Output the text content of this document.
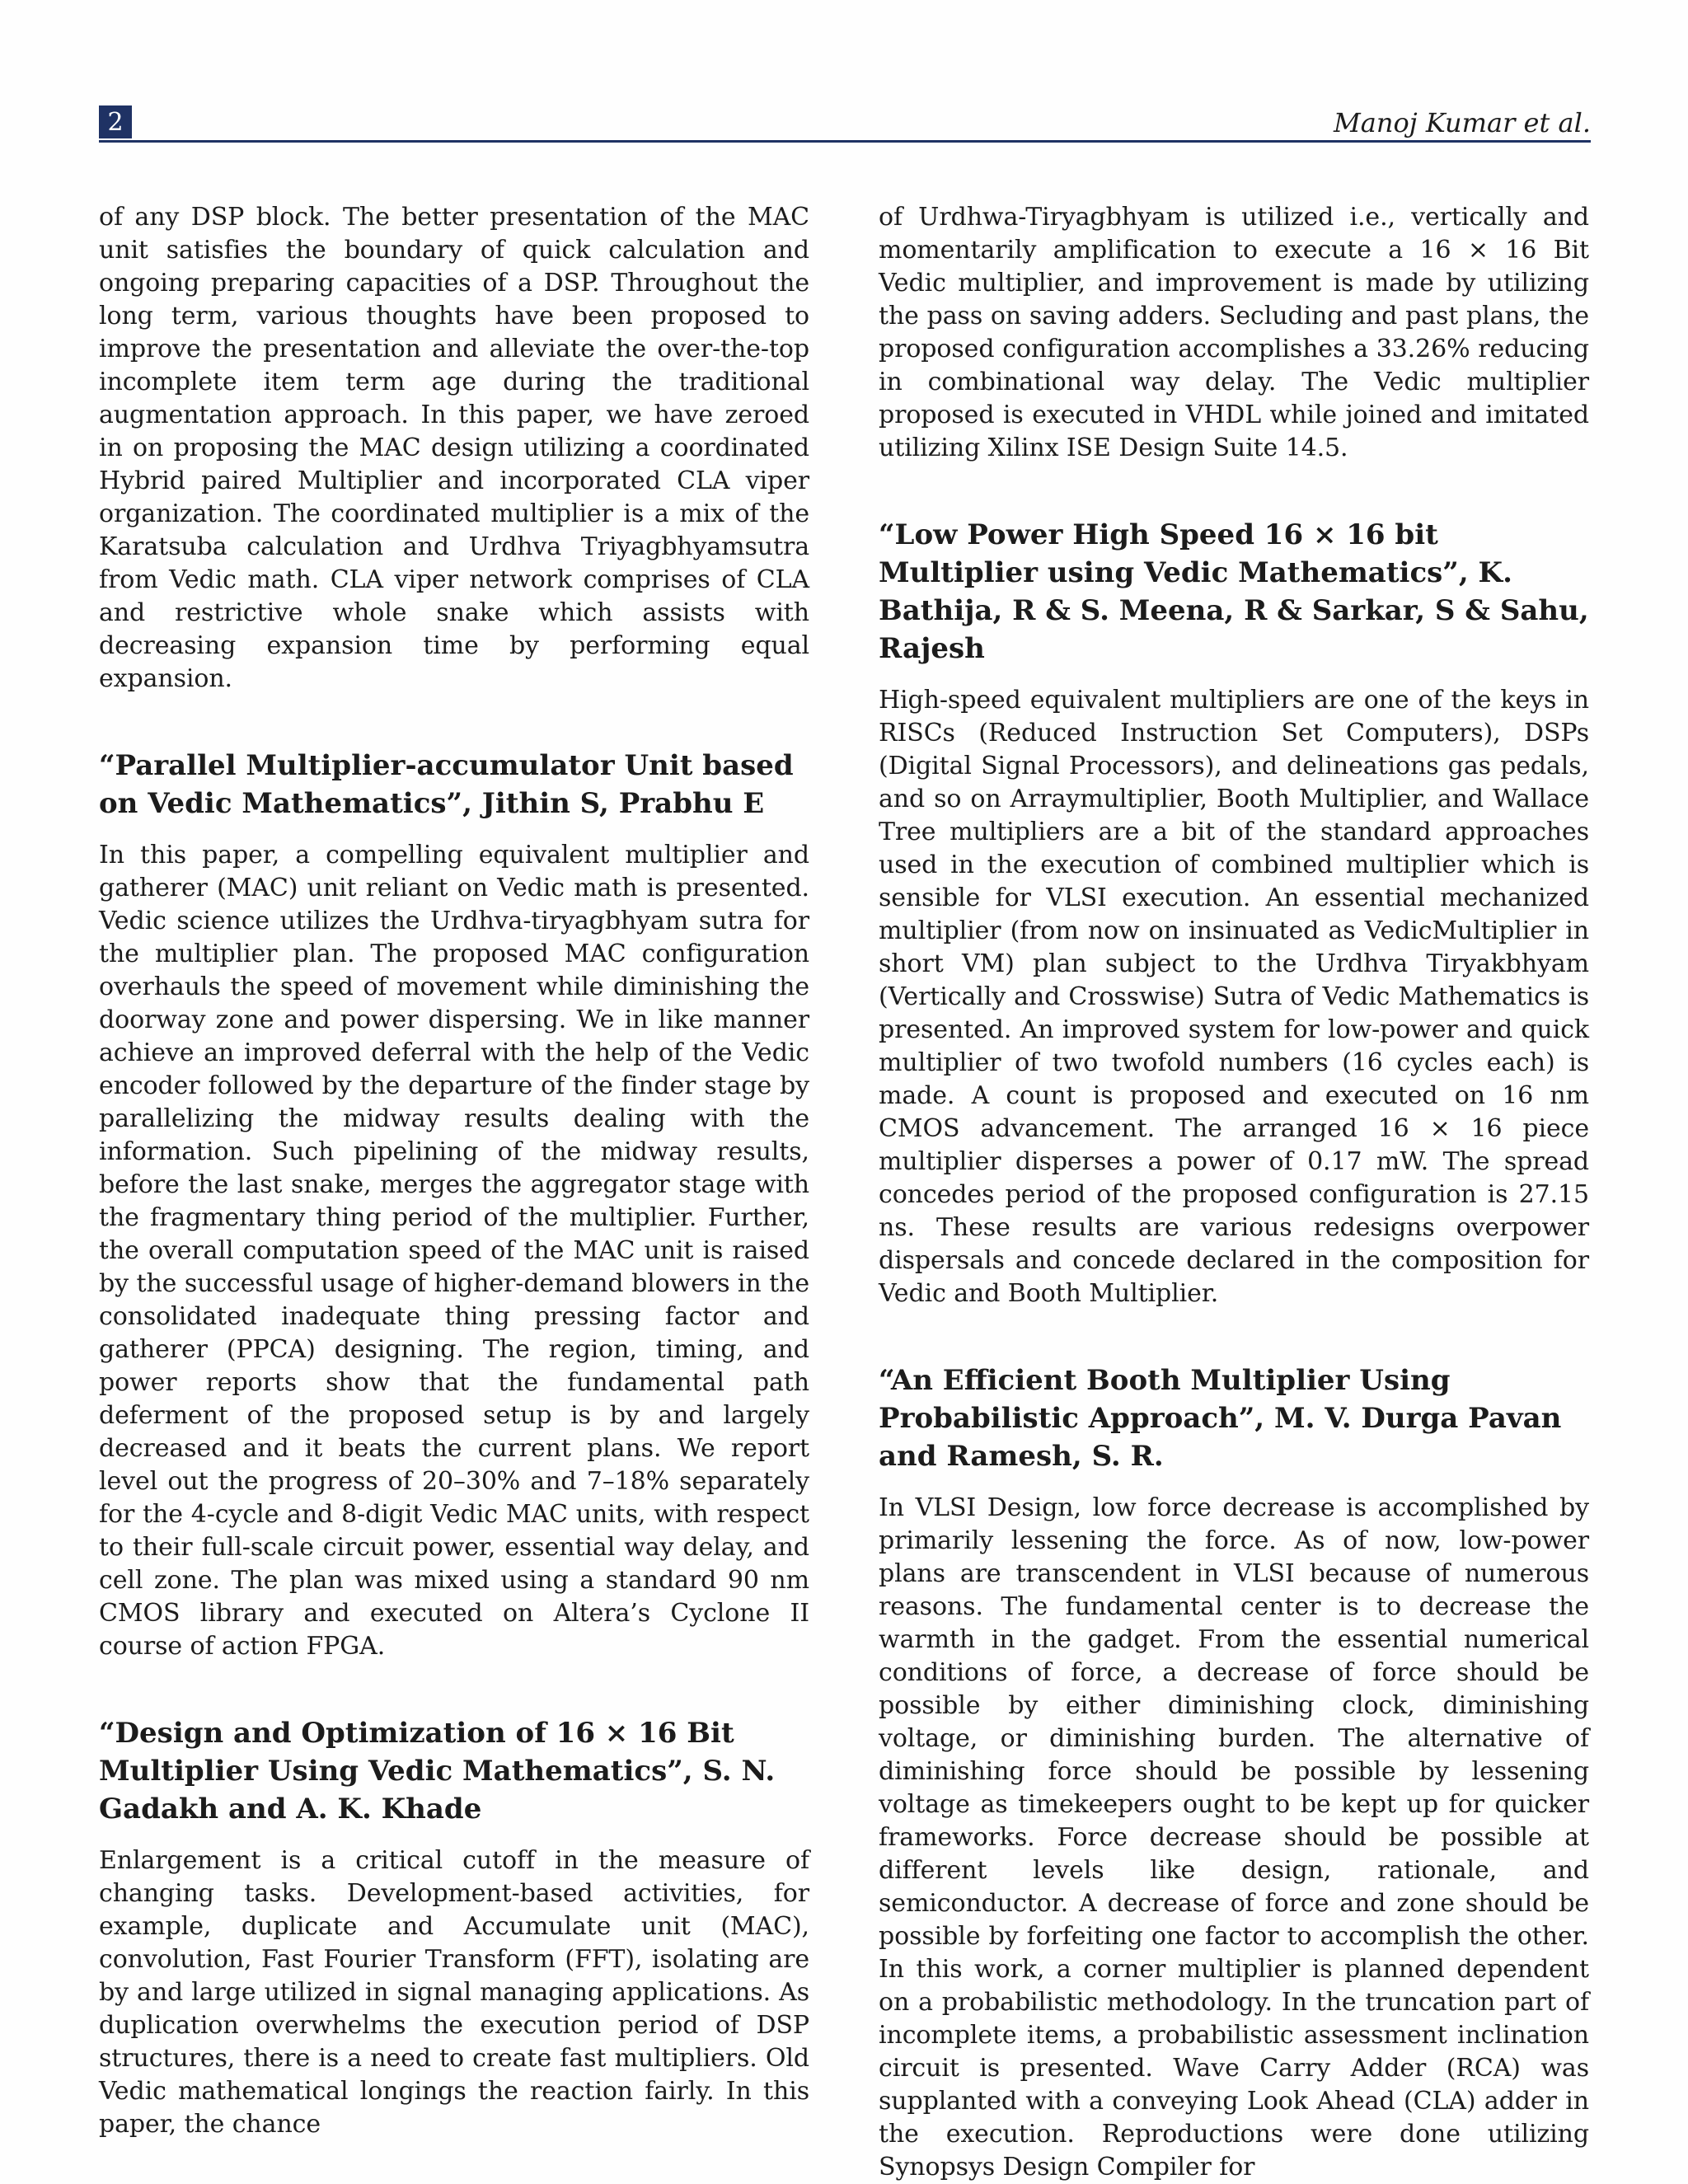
2	Manoj Kumar et al.

of any DSP block. The better presentation of the MAC unit satisfies the boundary of quick calculation and ongoing preparing capacities of a DSP. Throughout the long term, various thoughts have been proposed to improve the presentation and alleviate the over-the-top incomplete item term age during the traditional augmentation approach. In this paper, we have zeroed in on proposing the MAC design utilizing a coordinated Hybrid paired Multiplier and incorporated CLA viper organization. The coordinated multiplier is a mix of the Karatsuba calculation and Urdhva Triyagbhyamsutra from Vedic math. CLA viper network comprises of CLA and restrictive whole snake which assists with decreasing expansion time by performing equal expansion.

“Parallel Multiplier-accumulator Unit based on Vedic Mathematics”, Jithin S, Prabhu E

In this paper, a compelling equivalent multiplier and gatherer (MAC) unit reliant on Vedic math is presented. Vedic science utilizes the Urdhva-tiryagbhyam sutra for the multiplier plan. The proposed MAC configuration overhauls the speed of movement while diminishing the doorway zone and power dispersing. We in like manner achieve an improved deferral with the help of the Vedic encoder followed by the departure of the finder stage by parallelizing the midway results dealing with the information. Such pipelining of the midway results, before the last snake, merges the aggregator stage with the fragmentary thing period of the multiplier. Further, the overall computation speed of the MAC unit is raised by the successful usage of higher-demand blowers in the consolidated inadequate thing pressing factor and gatherer (PPCA) designing. The region, timing, and power reports show that the fundamental path deferment of the proposed setup is by and largely decreased and it beats the current plans. We report level out the progress of 20–30% and 7–18% separately for the 4-cycle and 8-digit Vedic MAC units, with respect to their full-scale circuit power, essential way delay, and cell zone. The plan was mixed using a standard 90 nm CMOS library and executed on Altera’s Cyclone II course of action FPGA.

“Design and Optimization of 16 × 16 Bit Multiplier Using Vedic Mathematics”, S. N. Gadakh and A. K. Khade

Enlargement is a critical cutoff in the measure of changing tasks. Development-based activities, for example, duplicate and Accumulate unit (MAC), convolution, Fast Fourier Transform (FFT), isolating are by and large utilized in signal managing applications. As duplication overwhelms the execution period of DSP structures, there is a need to create fast multipliers. Old Vedic mathematical longings the reaction fairly. In this paper, the chance

of Urdhwa-Tiryagbhyam is utilized i.e., vertically and momentarily amplification to execute a 16 × 16 Bit Vedic multiplier, and improvement is made by utilizing the pass on saving adders. Secluding and past plans, the proposed configuration accomplishes a 33.26% reducing in combinational way delay. The Vedic multiplier proposed is executed in VHDL while joined and imitated utilizing Xilinx ISE Design Suite 14.5.

“Low Power High Speed 16 × 16 bit Multiplier using Vedic Mathematics”, K. Bathija, R & S. Meena, R & Sarkar, S & Sahu, Rajesh

High-speed equivalent multipliers are one of the keys in RISCs (Reduced Instruction Set Computers), DSPs (Digital Signal Processors), and delineations gas pedals, and so on Arraymultiplier, Booth Multiplier, and Wallace Tree multipliers are a bit of the standard approaches used in the execution of combined multiplier which is sensible for VLSI execution. An essential mechanized multiplier (from now on insinuated as VedicMultiplier in short VM) plan subject to the Urdhva Tiryakbhyam (Vertically and Crosswise) Sutra of Vedic Mathematics is presented. An improved system for low-power and quick multiplier of two twofold numbers (16 cycles each) is made. A count is proposed and executed on 16 nm CMOS advancement. The arranged 16 × 16 piece multiplier disperses a power of 0.17 mW. The spread concedes period of the proposed configuration is 27.15 ns. These results are various redesigns overpower dispersals and concede declared in the composition for Vedic and Booth Multiplier.

“An Efficient Booth Multiplier Using Probabilistic Approach”, M. V. Durga Pavan and Ramesh, S. R.

In VLSI Design, low force decrease is accomplished by primarily lessening the force. As of now, low-power plans are transcendent in VLSI because of numerous reasons. The fundamental center is to decrease the warmth in the gadget. From the essential numerical conditions of force, a decrease of force should be possible by either diminishing clock, diminishing voltage, or diminishing burden. The alternative of diminishing force should be possible by lessening voltage as timekeepers ought to be kept up for quicker frameworks. Force decrease should be possible at different levels like design, rationale, and semiconductor. A decrease of force and zone should be possible by forfeiting one factor to accomplish the other. In this work, a corner multiplier is planned dependent on a probabilistic methodology. In the truncation part of incomplete items, a probabilistic assessment inclination circuit is presented. Wave Carry Adder (RCA) was supplanted with a conveying Look Ahead (CLA) adder in the execution. Reproductions were done utilizing Synopsys Design Compiler for
